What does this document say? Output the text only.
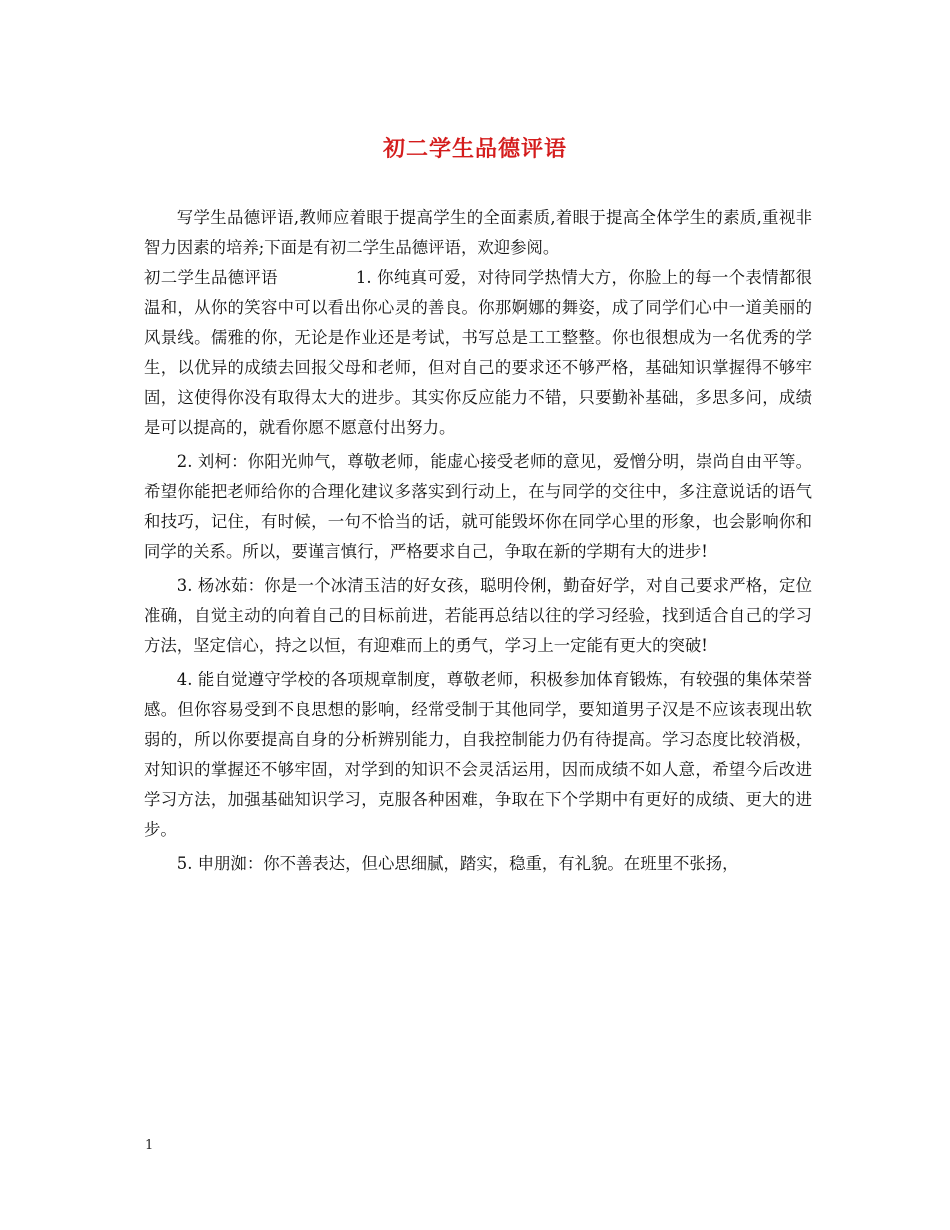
初二学生品德评语

写学生品德评语,教师应着眼于提高学生的全面素质,着眼于提高全体学生的素质,重视非智力因素的培养;下面是有初二学生品德评语，欢迎参阅。

初二学生品德评语	1. 你纯真可爱，对待同学热情大方，你脸上的每一个表情都很温和，从你的笑容中可以看出你心灵的善良。你那婀娜的舞姿，成了同学们心中一道美丽的风景线。儒雅的你，无论是作业还是考试，书写总是工工整整。你也很想成为一名优秀的学生，以优异的成绩去回报父母和老师，但对自己的要求还不够严格，基础知识掌握得不够牢固，这使得你没有取得太大的进步。其实你反应能力不错，只要勤补基础，多思多问，成绩是可以提高的，就看你愿不愿意付出努力。

2. 刘柯：你阳光帅气，尊敬老师，能虚心接受老师的意见，爱憎分明，崇尚自由平等。希望你能把老师给你的合理化建议多落实到行动上，在与同学的交往中，多注意说话的语气和技巧，记住，有时候，一句不恰当的话，就可能毁坏你在同学心里的形象，也会影响你和同学的关系。所以，要谨言慎行，严格要求自己，争取在新的学期有大的进步!

3. 杨冰茹：你是一个冰清玉洁的好女孩，聪明伶俐，勤奋好学，对自己要求严格，定位准确，自觉主动的向着自己的目标前进，若能再总结以往的学习经验，找到适合自己的学习方法，坚定信心，持之以恒，有迎难而上的勇气，学习上一定能有更大的突破!

4. 能自觉遵守学校的各项规章制度，尊敬老师，积极参加体育锻炼，有较强的集体荣誉感。但你容易受到不良思想的影响，经常受制于其他同学，要知道男子汉是不应该表现出软弱的，所以你要提高自身的分析辨别能力，自我控制能力仍有待提高。学习态度比较消极，对知识的掌握还不够牢固，对学到的知识不会灵活运用，因而成绩不如人意，希望今后改进学习方法，加强基础知识学习，克服各种困难，争取在下个学期中有更好的成绩、更大的进步。

5. 申朋洳：你不善表达，但心思细腻，踏实，稳重，有礼貌。在班里不张扬，

1
